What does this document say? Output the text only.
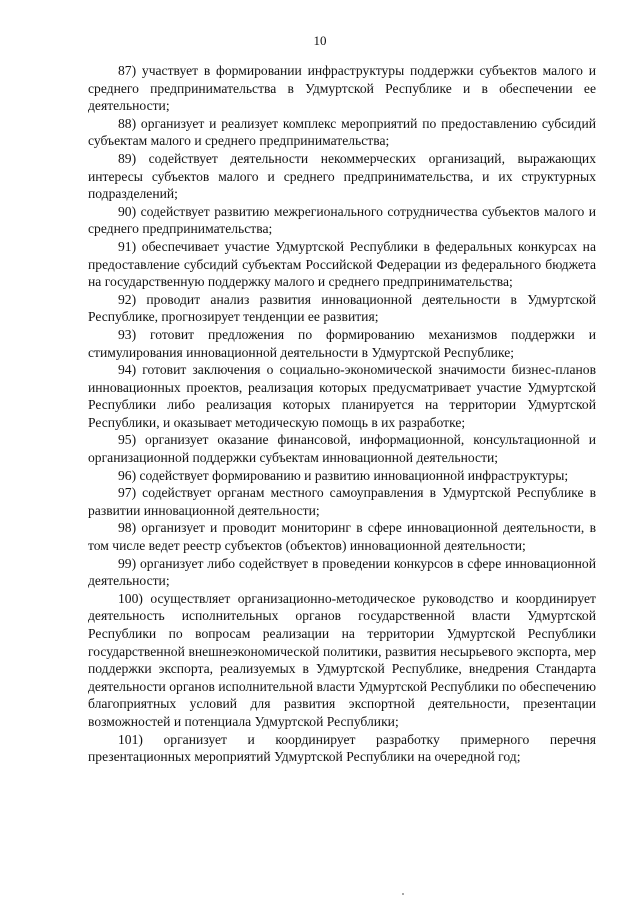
10

87) участвует в формировании инфраструктуры поддержки субъектов малого и среднего предпринимательства в Удмуртской Республике и в обеспечении ее деятельности;

88) организует и реализует комплекс мероприятий по предоставлению субсидий субъектам малого и среднего предпринимательства;

89) содействует деятельности некоммерческих организаций, выражающих интересы субъектов малого и среднего предпринимательства, и их структурных подразделений;

90) содействует развитию межрегионального сотрудничества субъектов малого и среднего предпринимательства;

91) обеспечивает участие Удмуртской Республики в федеральных конкурсах на предоставление субсидий субъектам Российской Федерации из федерального бюджета на государственную поддержку малого и среднего предпринимательства;

92) проводит анализ развития инновационной деятельности в Удмуртской Республике, прогнозирует тенденции ее развития;

93) готовит предложения по формированию механизмов поддержки и стимулирования инновационной деятельности в Удмуртской Республике;

94) готовит заключения о социально-экономической значимости бизнес-планов инновационных проектов, реализация которых предусматривает участие Удмуртской Республики либо реализация которых планируется на территории Удмуртской Республики, и оказывает методическую помощь в их разработке;

95) организует оказание финансовой, информационной, консультационной и организационной поддержки субъектам инновационной деятельности;

96) содействует формированию и развитию инновационной инфраструктуры;

97) содействует органам местного самоуправления в Удмуртской Республике в развитии инновационной деятельности;

98) организует и проводит мониторинг в сфере инновационной деятельности, в том числе ведет реестр субъектов (объектов) инновационной деятельности;

99) организует либо содействует в проведении конкурсов в сфере инновационной деятельности;

100) осуществляет организационно-методическое руководство и координирует деятельность исполнительных органов государственной власти Удмуртской Республики по вопросам реализации на территории Удмуртской Республики государственной внешнеэкономической политики, развития несырьевого экспорта, мер поддержки экспорта, реализуемых в Удмуртской Республике, внедрения Стандарта деятельности органов исполнительной власти Удмуртской Республики по обеспечению благоприятных условий для развития экспортной деятельности, презентации возможностей и потенциала Удмуртской Республики;

101) организует и координирует разработку примерного перечня презентационных мероприятий Удмуртской Республики на очередной год;
